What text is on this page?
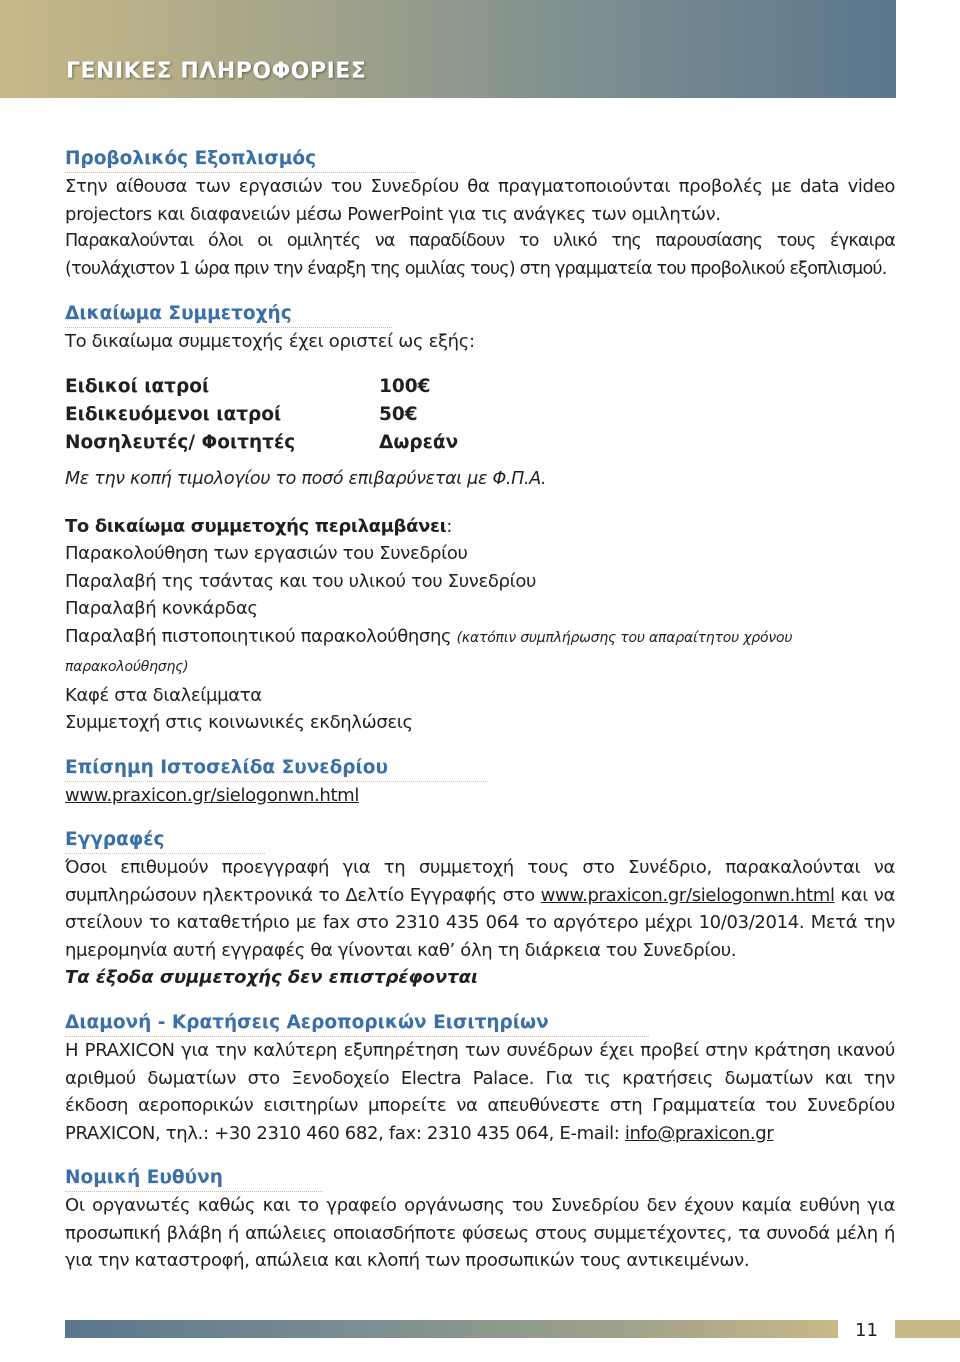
ΓΕΝΙΚΕΣ ΠΛΗΡΟΦΟΡΙΕΣ
Προβολικός Εξοπλισμός

Στην αίθουσα των εργασιών του Συνεδρίου θα πραγματοποιούνται προβολές με data video projectors και διαφανειών μέσω PowerPoint για τις ανάγκες των ομιλητών.

Παρακαλούνται όλοι οι ομιλητές να παραδίδουν το υλικό της παρουσίασης τους έγκαιρα (τουλάχιστον 1 ώρα πριν την έναρξη της ομιλίας τους) στη γραμματεία του προβολικού εξοπλισμού.

Δικαίωμα Συμμετοχής

Το δικαίωμα συμμετοχής έχει οριστεί ως εξής:

Ειδικοί ιατροί	100€
Ειδικευόμενοι ιατροί	50€
Νοσηλευτές/ Φοιτητές	Δωρεάν

Με την κοπή τιμολογίου το ποσό επιβαρύνεται με Φ.Π.Α.

Το δικαίωμα συμμετοχής περιλαμβάνει:

Παρακολούθηση των εργασιών του Συνεδρίου

Παραλαβή της τσάντας και του υλικού του Συνεδρίου

Παραλαβή κονκάρδας

Παραλαβή πιστοποιητικού παρακολούθησης (κατόπιν συμπλήρωσης του απαραίτητου χρόνου παρακολούθησης)

Καφέ στα διαλείμματα

Συμμετοχή στις κοινωνικές εκδηλώσεις

Επίσημη Ιστοσελίδα Συνεδρίου

www.praxicon.gr/sielogonwn.html

Εγγραφές

Όσοι επιθυμούν προεγγραφή για τη συμμετοχή τους στο Συνέδριο, παρακαλούνται να συμπληρώσουν ηλεκτρονικά το Δελτίο Εγγραφής στο www.praxicon.gr/sielogonwn.html και να στείλουν το καταθετήριο με fax στο 2310 435 064 το αργότερο μέχρι 10/03/2014. Μετά την ημερομηνία αυτή εγγραφές θα γίνονται καθ’ όλη τη διάρκεια του Συνεδρίου.

Τα έξοδα συμμετοχής δεν επιστρέφονται

Διαμονή - Κρατήσεις Αεροπορικών Εισιτηρίων

Η PRAXICON για την καλύτερη εξυπηρέτηση των συνέδρων έχει προβεί στην κράτηση ικανού αριθμού δωματίων στο Ξενοδοχείο Electra Palace. Για τις κρατήσεις δωματίων και την έκδοση αεροπορικών εισιτηρίων μπορείτε να απευθύνεστε στη Γραμματεία του Συνεδρίου PRAXICON, τηλ.: +30 2310 460 682, fax: 2310 435 064, E-mail: info@praxicon.gr

Νομική Ευθύνη

Οι οργανωτές καθώς και το γραφείο οργάνωσης του Συνεδρίου δεν έχουν καμία ευθύνη για προσωπική βλάβη ή απώλειες οποιασδήποτε φύσεως στους συμμετέχοντες, τα συνοδά μέλη ή για την καταστροφή, απώλεια και κλοπή των προσωπικών τους αντικειμένων.

11
